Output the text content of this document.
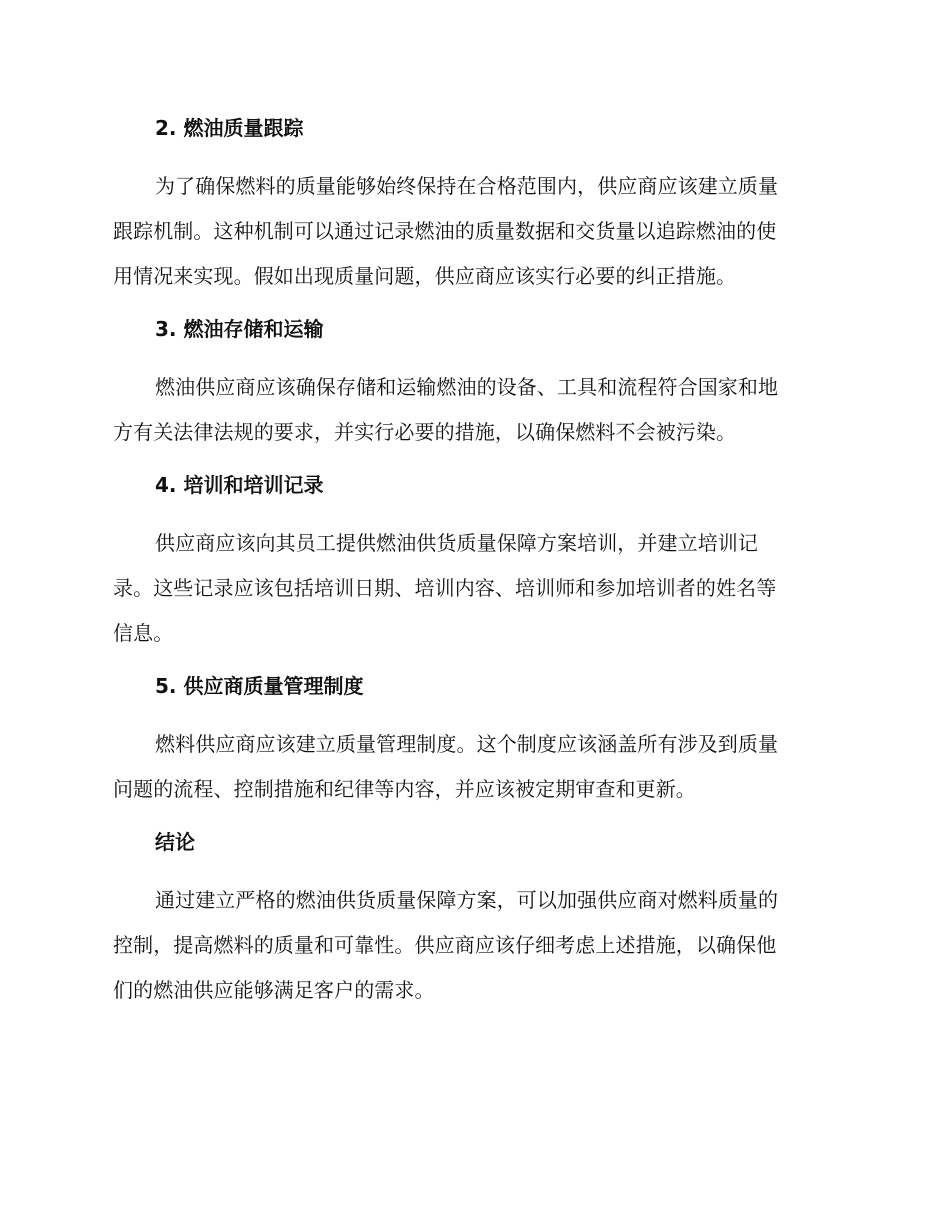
2. 燃油质量跟踪
为了确保燃料的质量能够始终保持在合格范围内，供应商应该建立质量
跟踪机制。这种机制可以通过记录燃油的质量数据和交货量以追踪燃油的使
用情况来实现。假如出现质量问题，供应商应该实行必要的纠正措施。
3. 燃油存储和运输
燃油供应商应该确保存储和运输燃油的设备、工具和流程符合国家和地
方有关法律法规的要求，并实行必要的措施，以确保燃料不会被污染。
4. 培训和培训记录
供应商应该向其员工提供燃油供货质量保障方案培训，并建立培训记
录。这些记录应该包括培训日期、培训内容、培训师和参加培训者的姓名等
信息。
5. 供应商质量管理制度
燃料供应商应该建立质量管理制度。这个制度应该涵盖所有涉及到质量
问题的流程、控制措施和纪律等内容，并应该被定期审查和更新。
结论
通过建立严格的燃油供货质量保障方案，可以加强供应商对燃料质量的
控制，提高燃料的质量和可靠性。供应商应该仔细考虑上述措施，以确保他
们的燃油供应能够满足客户的需求。
